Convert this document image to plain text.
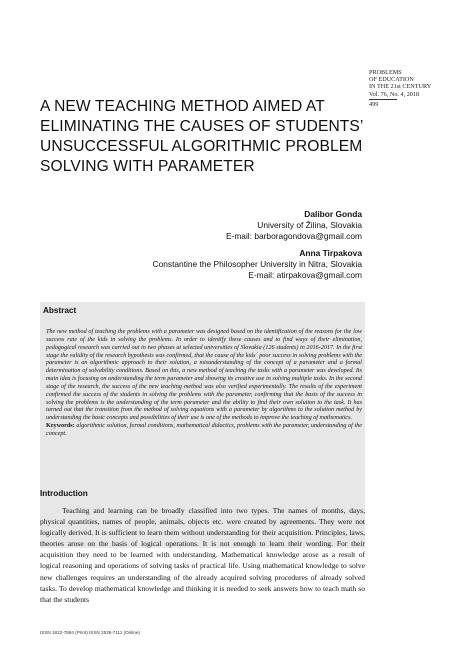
PROBLEMS
OF EDUCATION
IN THE 21st CENTURY
Vol. 76, No. 4, 2018
499
A NEW TEACHING METHOD AIMED AT ELIMINATING THE CAUSES OF STUDENTS’ UNSUCCESSFUL ALGORITHMIC PROBLEM SOLVING WITH PARAMETER
Dalibor Gonda
University of Žilina, Slovakia
E-mail: barboragondova@gmail.com
Anna Tirpakova
Constantine the Philosopher University in Nitra, Slovakia
E-mail: atirpakova@gmail.com
Abstract
The new method of teaching the problems with a parameter was designed based on the identification of the reasons for the low success rate of the kids in solving the problems. In order to identify these causes and to find ways of their elimination, pedagogical research was carried out in two phases at selected universities of Slovakia (126 students) in 2016-2017. In the first stage the validity of the research hypothesis was confirmed, that the cause of the kids´ poor success in solving problems with the parameter is an algorithmic approach to their solution, a misunderstanding of the concept of a parameter and a formal determination of solvability conditions. Based on this, a new method of teaching the tasks with a parameter was developed. Its main idea is focusing on understanding the term parameter and showing its creative use in solving multiple tasks. In the second stage of the research, the success of the new teaching method was also verified experimentally. The results of the experiment confirmed the success of the students in solving the problems with the parameter, confirming that the basis of the success in solving the problems is the understanding of the term parameter and the ability to find their own solution to the task. It has turned out that the transition from the method of solving equations with a parameter by algorithms to the solution method by understanding the basic concepts and possibilities of their use is one of the methods to improve the teaching of mathematics.
Keywords: algorithmic solution, formal conditions, mathematical didactics, problems with the parameter, understanding of the concept.
Introduction

Teaching and learning can be broadly classified into two types. The names of months, days, physical quantities, names of people, animals, objects etc. were created by agreements. They were not logically derived. It is sufficient to learn them without understanding for their acquisition. Principles, laws, theories arose on the basis of logical operations. It is not enough to learn their wording. For their acquisition they need to be learned with understanding. Mathematical knowledge arose as a result of logical reasoning and operations of solving tasks of practical life. Using mathematical knowledge to solve new challenges requires an understanding of the already acquired solving procedures of already solved tasks. To develop mathematical knowledge and thinking it is needed to seek answers how to teach math so that the students

ISSN 1822-7864 (Print) ISSN 2538-7111 (Online)
